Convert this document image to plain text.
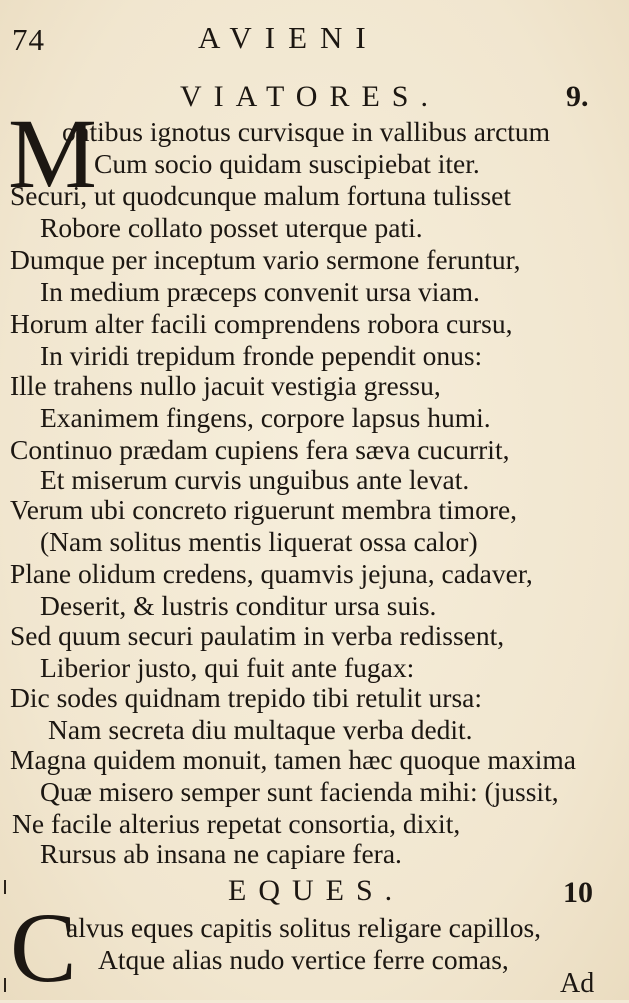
74	AVIENI
VIATORES.	9.
M
ontibus ignotus curvisque in vallibus arctum
Cum socio quidam suscipiebat iter.
Securi, ut quodcunque malum fortuna tulisset
Robore collato posset uterque pati.
Dumque per inceptum vario sermone feruntur,
In medium præceps convenit ursa viam.
Horum alter facili comprendens robora cursu,
In viridi trepidum fronde pependit onus:
Ille trahens nullo jacuit vestigia gressu,
Exanimem fingens, corpore lapsus humi.
Continuo prædam cupiens fera sæva cucurrit,
Et miserum curvis unguibus ante levat.
Verum ubi concreto riguerunt membra timore,
(Nam solitus mentis liquerat ossa calor)
Plane olidum credens, quamvis jejuna, cadaver,
Deserit, & lustris conditur ursa suis.
Sed quum securi paulatim in verba redissent,
Liberior justo, qui fuit ante fugax:
Dic sodes quidnam trepido tibi retulit ursa:
Nam secreta diu multaque verba dedit.
Magna quidem monuit, tamen hæc quoque maxima
Quæ misero semper sunt facienda mihi: (jussit,
Ne facile alterius repetat consortia, dixit,
Rursus ab insana ne capiare fera.
EQUES.	10
C
alvus eques capitis solitus religare capillos,
Atque alias nudo vertice ferre comas,
Ad
